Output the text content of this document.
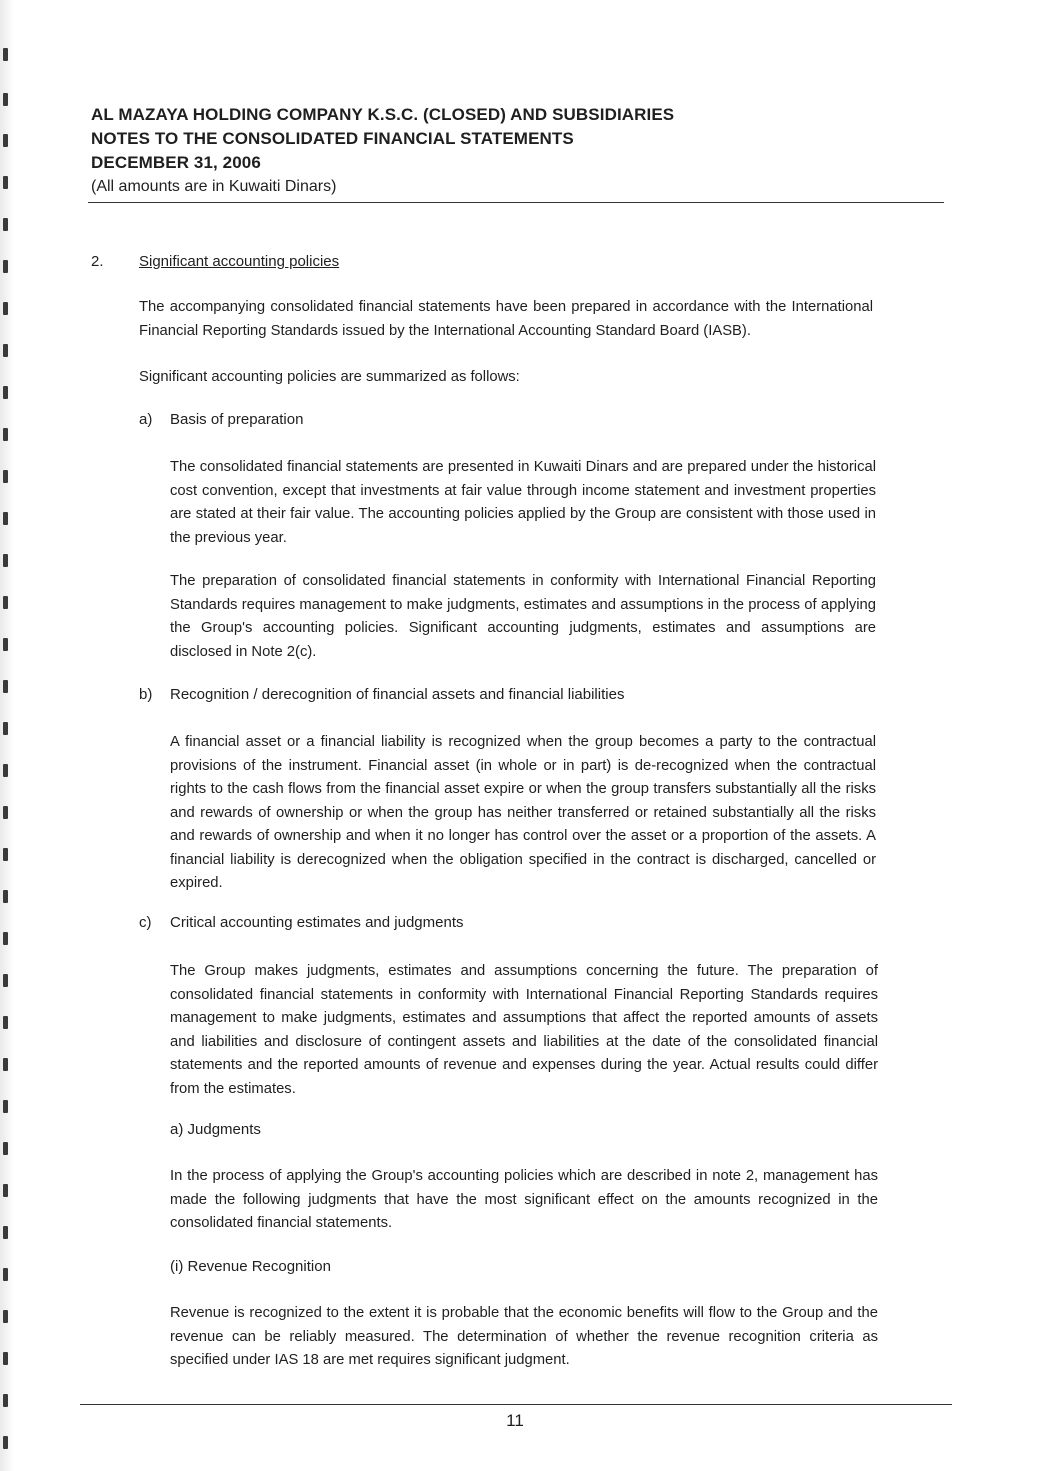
AL MAZAYA HOLDING COMPANY K.S.C. (CLOSED) AND SUBSIDIARIES
NOTES TO THE CONSOLIDATED FINANCIAL STATEMENTS
DECEMBER 31, 2006
(All amounts are in Kuwaiti Dinars)
2. Significant accounting policies

The accompanying consolidated financial statements have been prepared in accordance with the International Financial Reporting Standards issued by the International Accounting Standard Board (IASB).

Significant accounting policies are summarized as follows:

a) Basis of preparation

The consolidated financial statements are presented in Kuwaiti Dinars and are prepared under the historical cost convention, except that investments at fair value through income statement and investment properties are stated at their fair value. The accounting policies applied by the Group are consistent with those used in the previous year.

The preparation of consolidated financial statements in conformity with International Financial Reporting Standards requires management to make judgments, estimates and assumptions in the process of applying the Group's accounting policies. Significant accounting judgments, estimates and assumptions are disclosed in Note 2(c).

b) Recognition / derecognition of financial assets and financial liabilities

A financial asset or a financial liability is recognized when the group becomes a party to the contractual provisions of the instrument. Financial asset (in whole or in part) is de-recognized when the contractual rights to the cash flows from the financial asset expire or when the group transfers substantially all the risks and rewards of ownership or when the group has neither transferred or retained substantially all the risks and rewards of ownership and when it no longer has control over the asset or a proportion of the assets. A financial liability is derecognized when the obligation specified in the contract is discharged, cancelled or expired.

c) Critical accounting estimates and judgments

The Group makes judgments, estimates and assumptions concerning the future. The preparation of consolidated financial statements in conformity with International Financial Reporting Standards requires management to make judgments, estimates and assumptions that affect the reported amounts of assets and liabilities and disclosure of contingent assets and liabilities at the date of the consolidated financial statements and the reported amounts of revenue and expenses during the year. Actual results could differ from the estimates.

a) Judgments

In the process of applying the Group's accounting policies which are described in note 2, management has made the following judgments that have the most significant effect on the amounts recognized in the consolidated financial statements.

(i) Revenue Recognition

Revenue is recognized to the extent it is probable that the economic benefits will flow to the Group and the revenue can be reliably measured. The determination of whether the revenue recognition criteria as specified under IAS 18 are met requires significant judgment.

11
